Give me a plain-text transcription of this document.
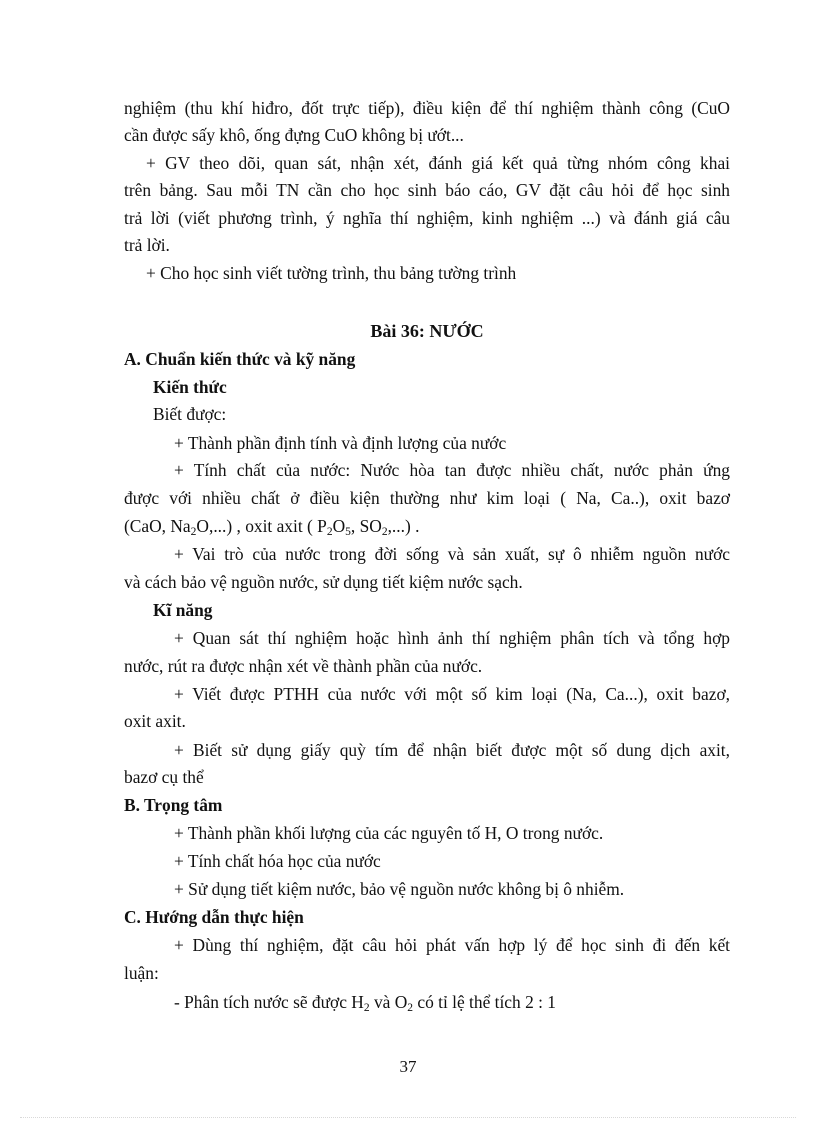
nghiệm (thu khí hiđro, đốt trực tiếp), điều kiện để thí nghiệm thành công (CuO
cần được sấy khô, ống đựng CuO không bị ướt...
+ GV theo dõi, quan sát, nhận xét, đánh giá kết quả từng nhóm công khai
trên bảng. Sau mỗi TN cần cho học sinh báo cáo, GV đặt câu hỏi để học sinh
trả lời (viết phương trình, ý nghĩa thí nghiệm, kinh nghiệm ...) và đánh giá câu
trả lời.
+ Cho học sinh viết tường trình, thu bảng tường trình
Bài 36: NƯỚC
A. Chuẩn kiến thức và kỹ năng
Kiến thức
Biết được:
+ Thành phần định tính và định lượng của nước
+ Tính chất của nước: Nước hòa tan được nhiều chất, nước phản ứng
được với nhiều chất ở điều kiện thường như kim loại ( Na, Ca..), oxit bazơ
(CaO, $Na_2O$,...) , oxit axit ( $P_2O_5$, $SO_2$,...) .
+ Vai trò của nước trong đời sống và sản xuất, sự ô nhiễm nguồn nước
và cách bảo vệ nguồn nước, sử dụng tiết kiệm nước sạch.
Kĩ năng
+ Quan sát thí nghiệm hoặc hình ảnh thí nghiệm phân tích và tổng hợp
nước, rút ra được nhận xét về thành phần của nước.
+ Viết được PTHH của nước với một số kim loại (Na, Ca...), oxit bazơ,
oxit axit.
+ Biết sử dụng giấy quỳ tím để nhận biết được một số dung dịch axit,
bazơ cụ thể
B. Trọng tâm
+ Thành phần khối lượng của các nguyên tố H, O trong nước.
+ Tính chất hóa học của nước
+ Sử dụng tiết kiệm nước, bảo vệ nguồn nước không bị ô nhiễm.
C. Hướng dẫn thực hiện
+ Dùng thí nghiệm, đặt câu hỏi phát vấn hợp lý để học sinh đi đến kết
luận:
- Phân tích nước sẽ được $H_2$ và $O_2$ có tỉ lệ thể tích 2 : 1
37
